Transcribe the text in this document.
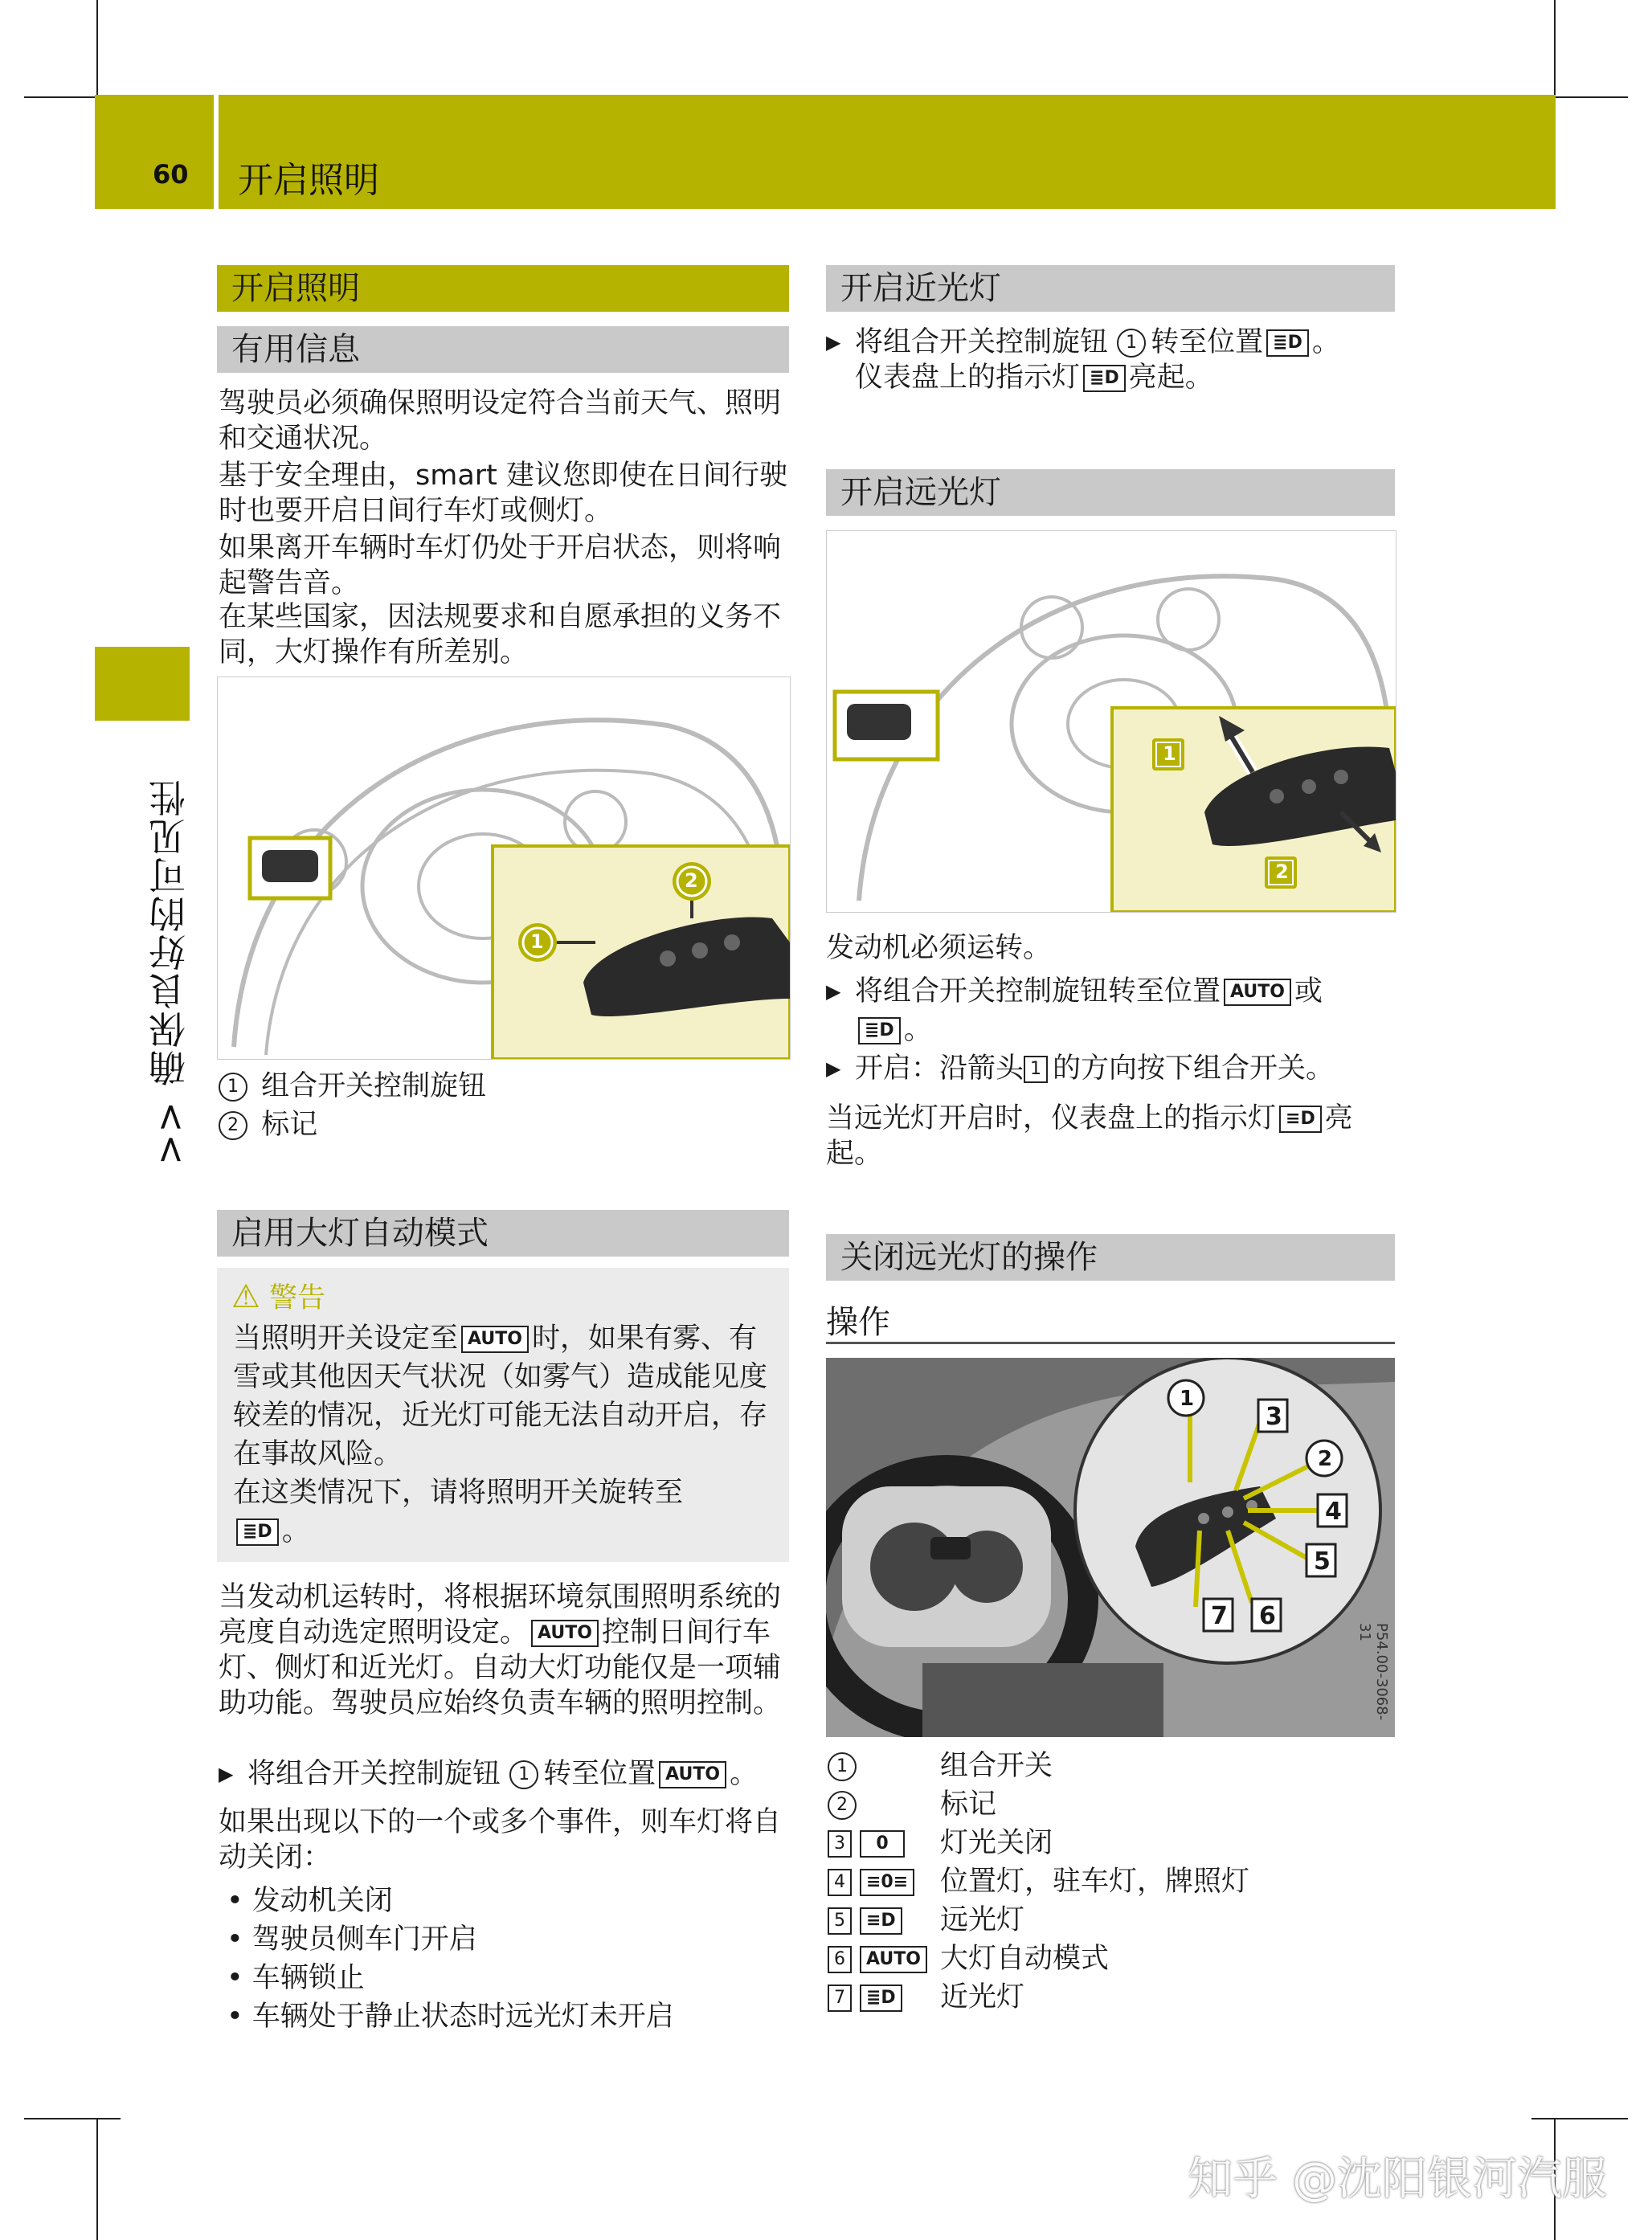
60 开启照明
>> 确保良好的可见性
开启照明
有用信息
驾驶员必须确保照明设定符合当前天气、照明和交通状况。
基于安全理由，smart 建议您即使在日间行驶时也要开启日间行车灯或侧灯。
如果离开车辆时车灯仍处于开启状态，则将响起警告音。
在某些国家，因法规要求和自愿承担的义务不同，大灯操作有所差别。
1
2
1 组合开关控制旋钮
2 标记
启用大灯自动模式
⚠ 警告
当照明开关设定至 AUTO 时，如果有雾、有雪或其他因天气状况（如雾气）造成能见度较差的情况，近光灯可能无法自动开启，存在事故风险。
在这类情况下，请将照明开关旋转至
≣D 。
当发动机运转时，将根据环境氛围照明系统的亮度自动选定照明设定。 AUTO 控制日间行车灯、侧灯和近光灯。自动大灯功能仅是一项辅助功能。驾驶员应始终负责车辆的照明控制。
▶ 将组合开关控制旋钮 1 转至位置 AUTO 。
如果出现以下的一个或多个事件，则车灯将自动关闭：
• 发动机关闭
• 驾驶员侧车门开启
• 车辆锁止
• 车辆处于静止状态时远光灯未开启
开启近光灯
▶ 将组合开关控制旋钮 1 转至位置 ≣D 。
仪表盘上的指示灯 ≣D 亮起。
开启远光灯
1
2
发动机必须运转。
▶ 将组合开关控制旋钮转至位置 AUTO 或
≣D 。
▶ 开启：沿箭头 1 的方向按下组合开关。
当远光灯开启时，仪表盘上的指示灯 ≡D 亮起。
关闭远光灯的操作
操作
1
3
2
4
5
6
7
P54.00-3068-31
1	组合开关
2	标记
3 0 灯光关闭
4 ≡0≡ 位置灯，驻车灯，牌照灯
5 ≡D 远光灯
6 AUTO 大灯自动模式
7 ≣D 近光灯
知乎 @沈阳银河汽服
